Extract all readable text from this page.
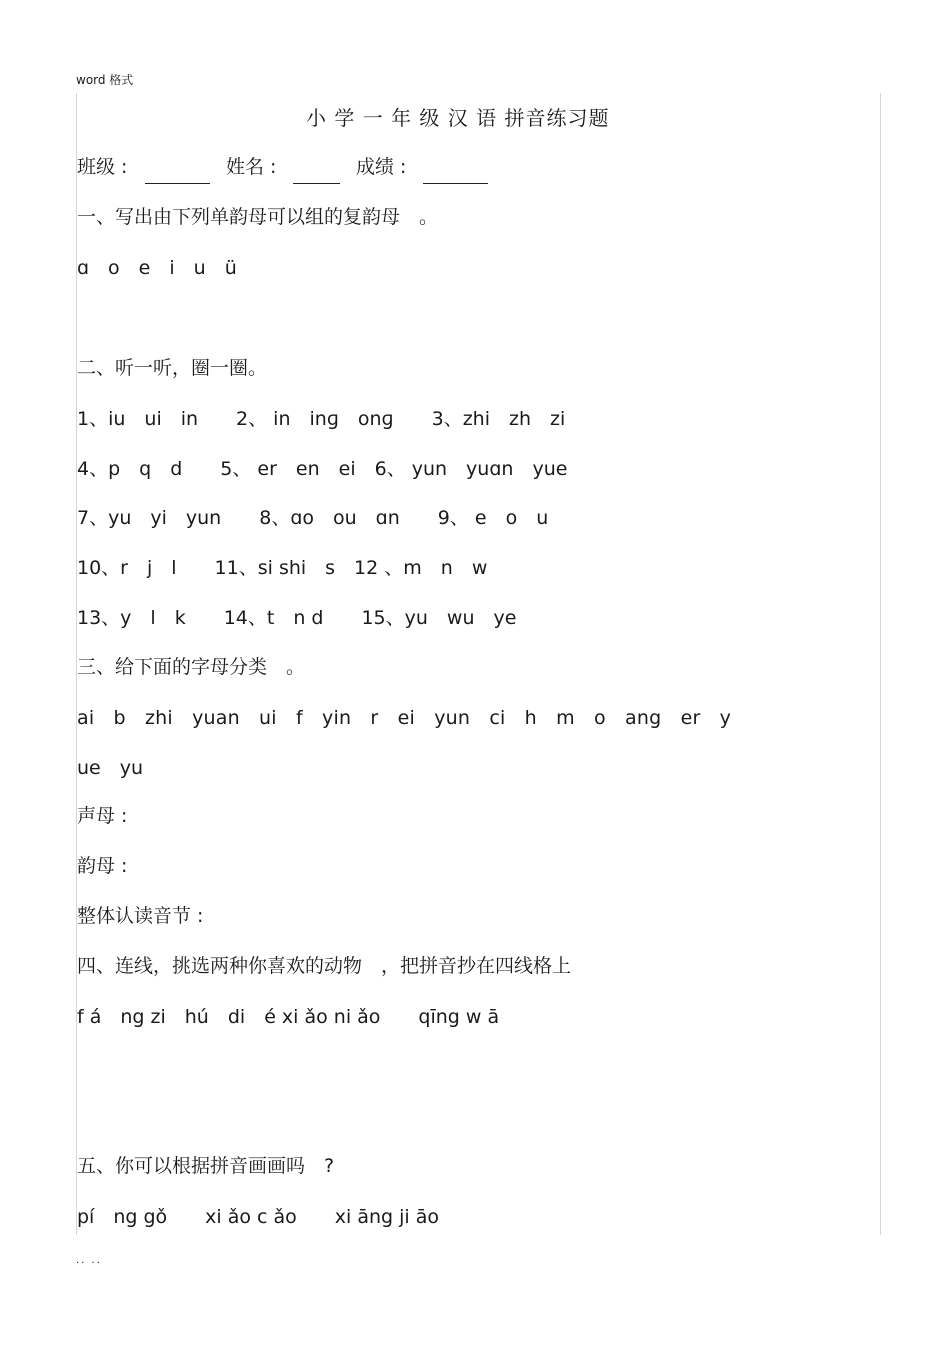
word 格式
小 学 一 年 级 汉 语 拼音练习题
班级 :	姓名 :	成绩 :
一、写出由下列单韵母可以组的复韵母　。
ɑ　o　e　i　u　ü
二、听一听，圈一圈。
1、iu　ui　in　　2、 in　inɡ　onɡ　　3、zhi　zh　zi
4、p　q　d　　5、 er　en　ei　6、 yun　yuɑn　yue
7、yu　yi　yun　　8、ɑo　ou　ɑn　　9、 e　o　u
10、r　j　l　　11、si shi　s　12 、m　n　w
13、y　l　k　　14、t　n d　　15、yu　wu　ye
三、给下面的字母分类　。
ai　b　zhi　yuan　ui　f　yin　r　ei　yun　ci　h　m　o　ang　er　y
ue　yu
声母 :
韵母 :
整体认读音节 :
四、连线，挑选两种你喜欢的动物　，把拼音抄在四线格上
f á　ng zi　hú　di　é xi ǎo ni ǎo　　qīng w ā
五、你可以根据拼音画画吗　?
pí　ng gǒ　　xi ǎo c ǎo　　xi āng ji āo
.. ..
